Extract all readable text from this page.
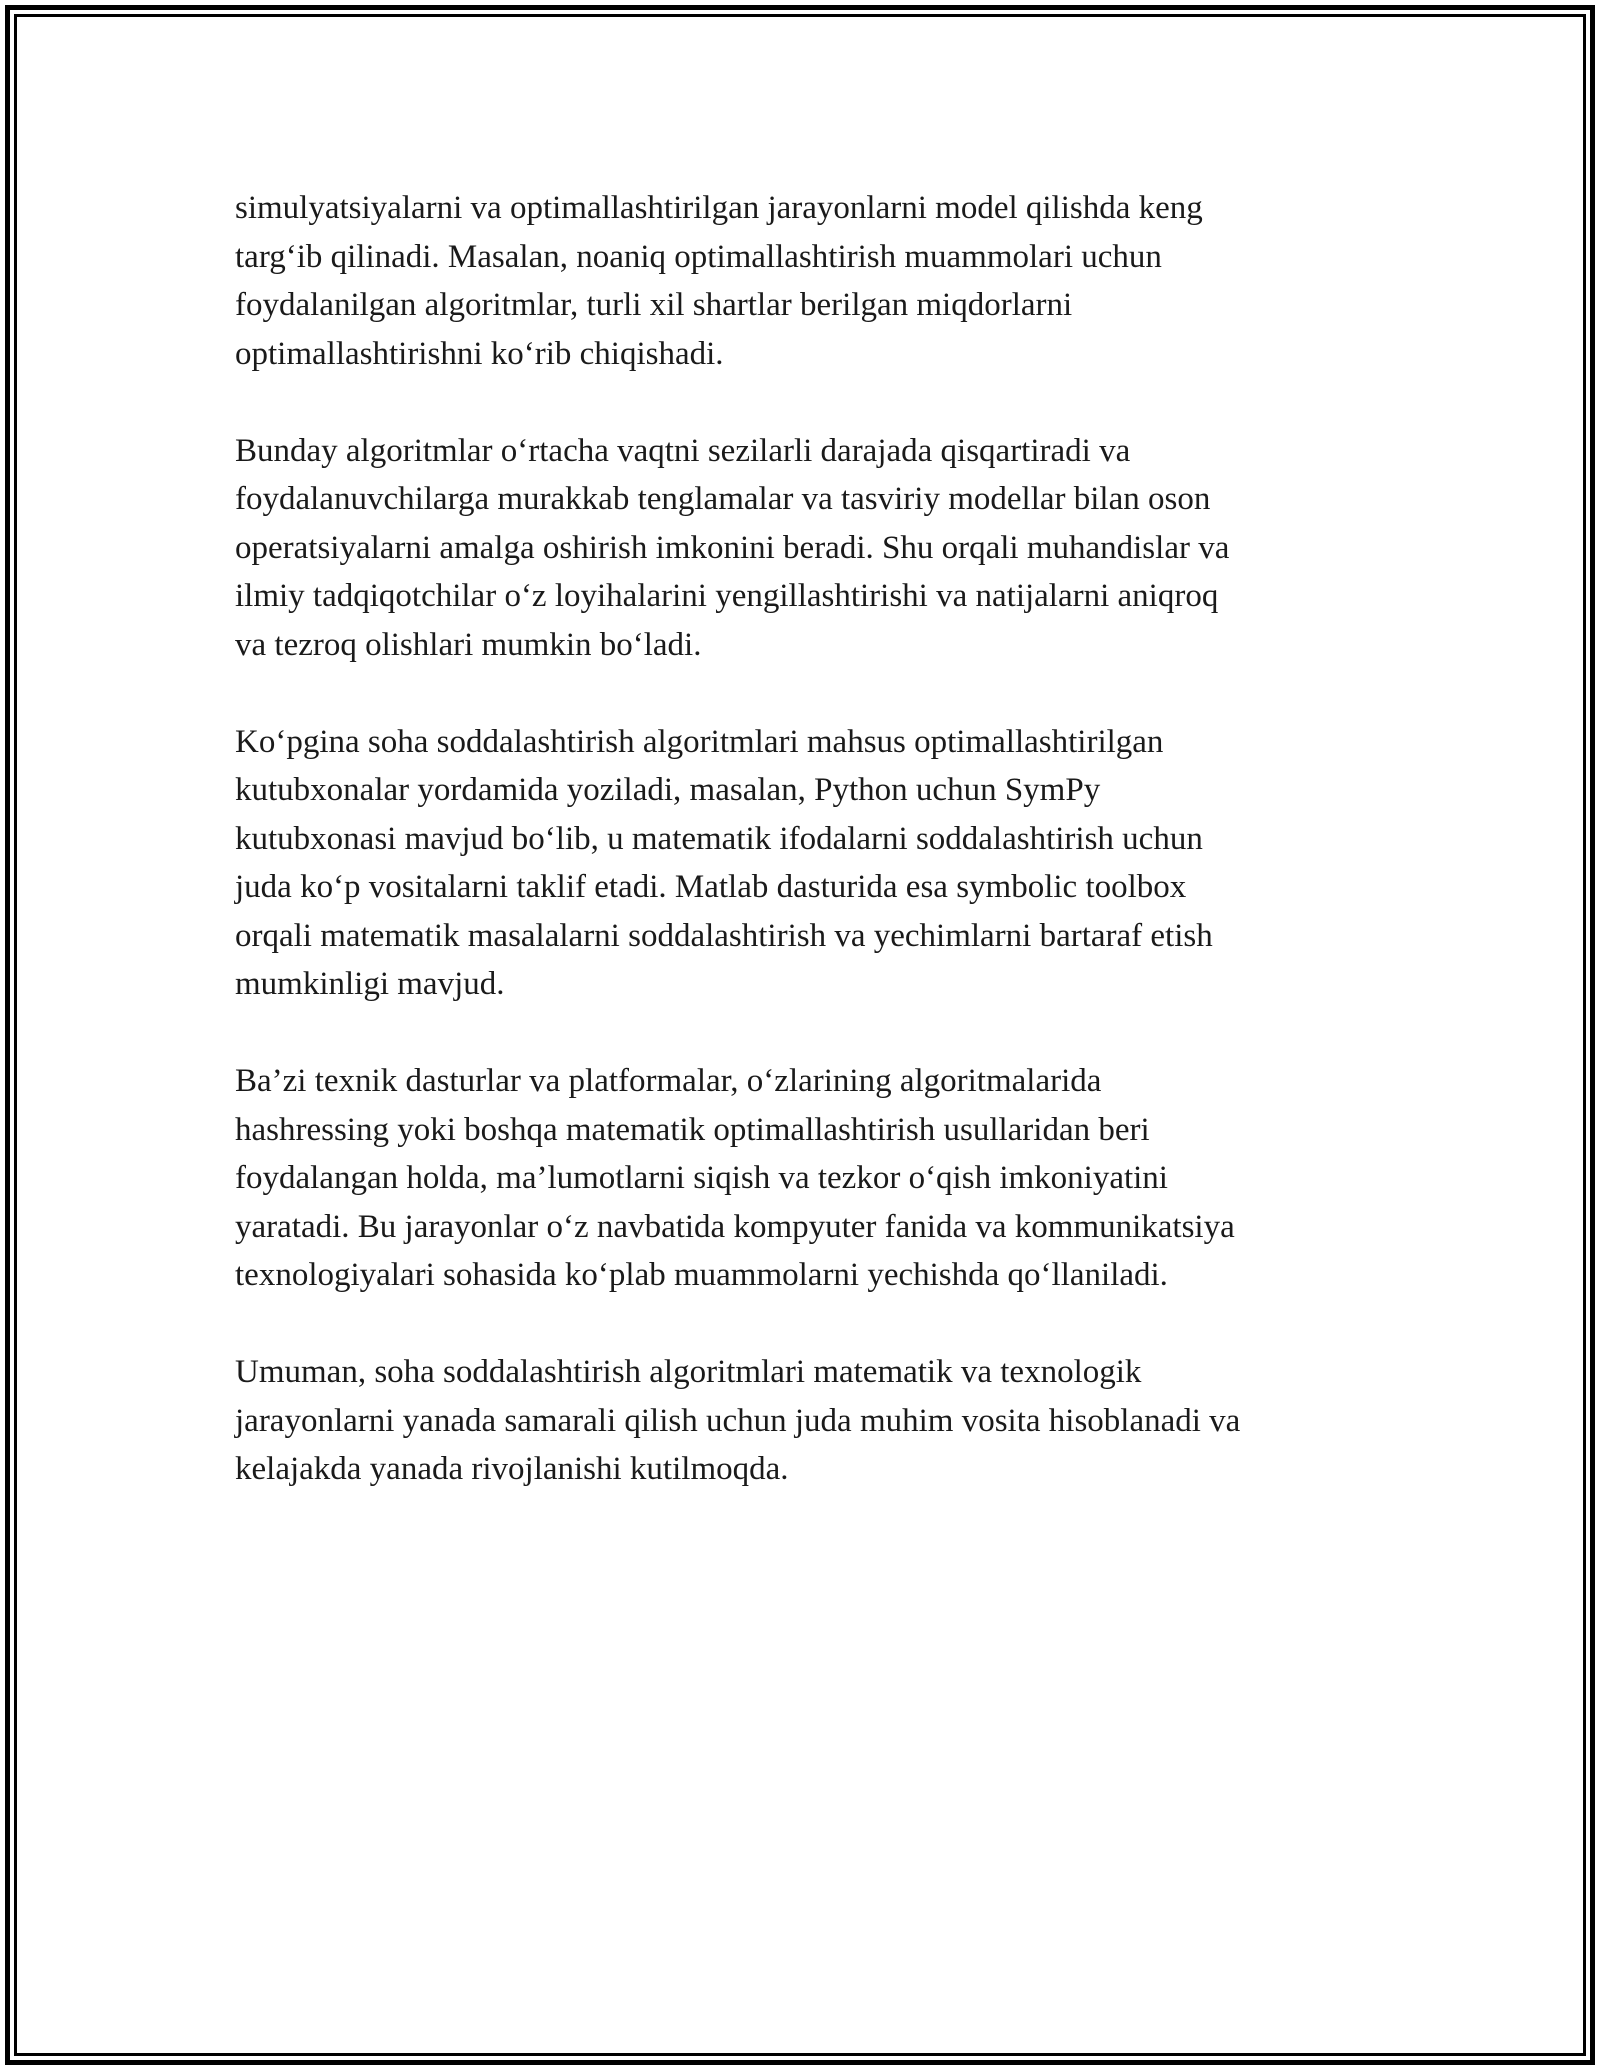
simulyatsiyalarni va optimallashtirilgan jarayonlarni model qilishda keng
targ‘ib qilinadi. Masalan, noaniq optimallashtirish muammolari uchun
foydalanilgan algoritmlar, turli xil shartlar berilgan miqdorlarni
optimallashtirishni ko‘rib chiqishadi.

Bunday algoritmlar o‘rtacha vaqtni sezilarli darajada qisqartiradi va
foydalanuvchilarga murakkab tenglamalar va tasviriy modellar bilan oson
operatsiyalarni amalga oshirish imkonini beradi. Shu orqali muhandislar va
ilmiy tadqiqotchilar o‘z loyihalarini yengillashtirishi va natijalarni aniqroq
va tezroq olishlari mumkin bo‘ladi.

Ko‘pgina soha soddalashtirish algoritmlari mahsus optimallashtirilgan
kutubxonalar yordamida yoziladi, masalan, Python uchun SymPy
kutubxonasi mavjud bo‘lib, u matematik ifodalarni soddalashtirish uchun
juda ko‘p vositalarni taklif etadi. Matlab dasturida esa symbolic toolbox
orqali matematik masalalarni soddalashtirish va yechimlarni bartaraf etish
mumkinligi mavjud.

Ba’zi texnik dasturlar va platformalar, o‘zlarining algoritmalarida
hashressing yoki boshqa matematik optimallashtirish usullaridan beri
foydalangan holda, ma’lumotlarni siqish va tezkor o‘qish imkoniyatini
yaratadi. Bu jarayonlar o‘z navbatida kompyuter fanida va kommunikatsiya
texnologiyalari sohasida ko‘plab muammolarni yechishda qo‘llaniladi.

Umuman, soha soddalashtirish algoritmlari matematik va texnologik
jarayonlarni yanada samarali qilish uchun juda muhim vosita hisoblanadi va
kelajakda yanada rivojlanishi kutilmoqda.
